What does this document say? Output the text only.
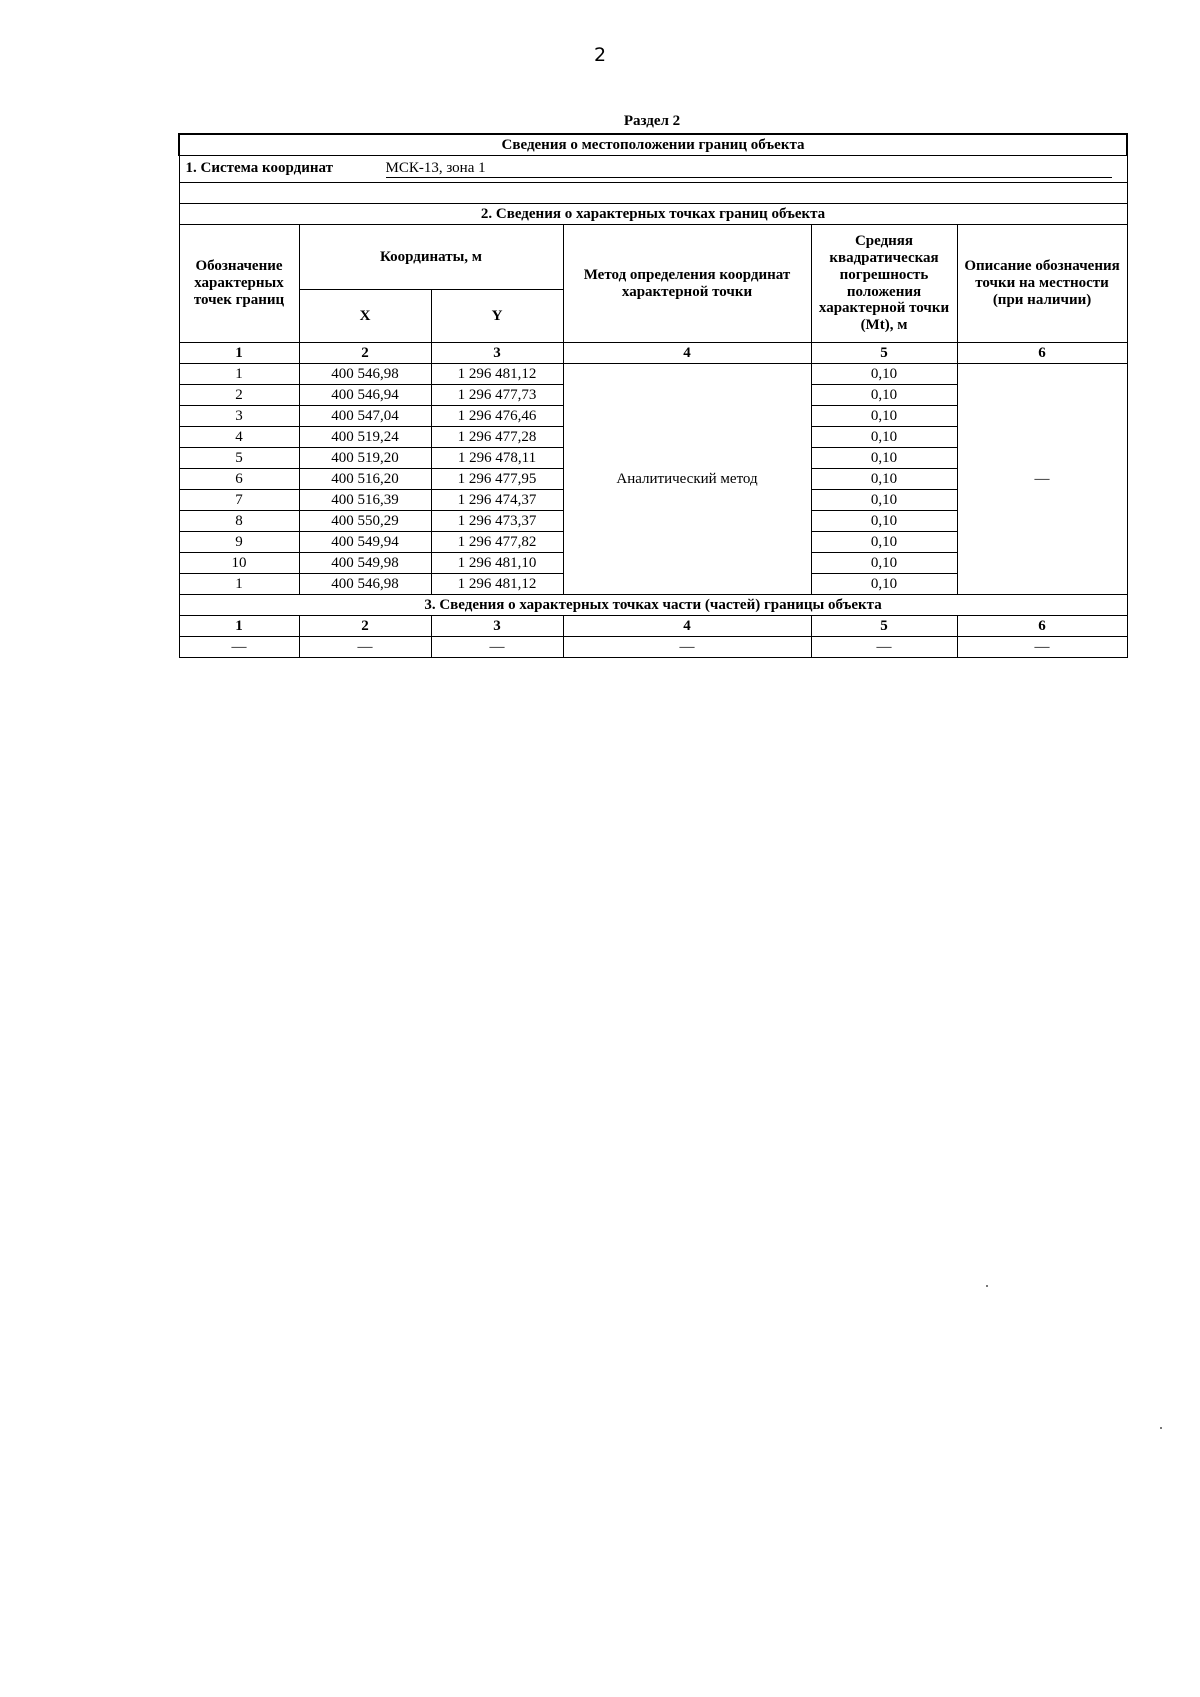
2
Раздел 2
Сведения о местоположении границ объекта					
1. Система координат МСК-13, зона 1					

2. Сведения о характерных точках границ объекта					
Обозначение характерных точек границ	Координаты, м		Метод определения координат характерной точки	Средняя квадратическая погрешность положения характерной точки (Mt), м	Описание обозначения точки на местности (при наличии)
	X	Y			
1	2	3	4	5	6
1	400 546,98	1 296 481,12	Аналитический метод	0,10	—
2	400 546,94	1 296 477,73		0,10	
3	400 547,04	1 296 476,46		0,10	
4	400 519,24	1 296 477,28		0,10	
5	400 519,20	1 296 478,11		0,10	
6	400 516,20	1 296 477,95		0,10	
7	400 516,39	1 296 474,37		0,10	
8	400 550,29	1 296 473,37		0,10	
9	400 549,94	1 296 477,82		0,10	
10	400 549,98	1 296 481,10		0,10	
1	400 546,98	1 296 481,12		0,10	
3. Сведения о характерных точках части (частей) границы объекта					
1	2	3	4	5	6
—	—	—	—	—	—
